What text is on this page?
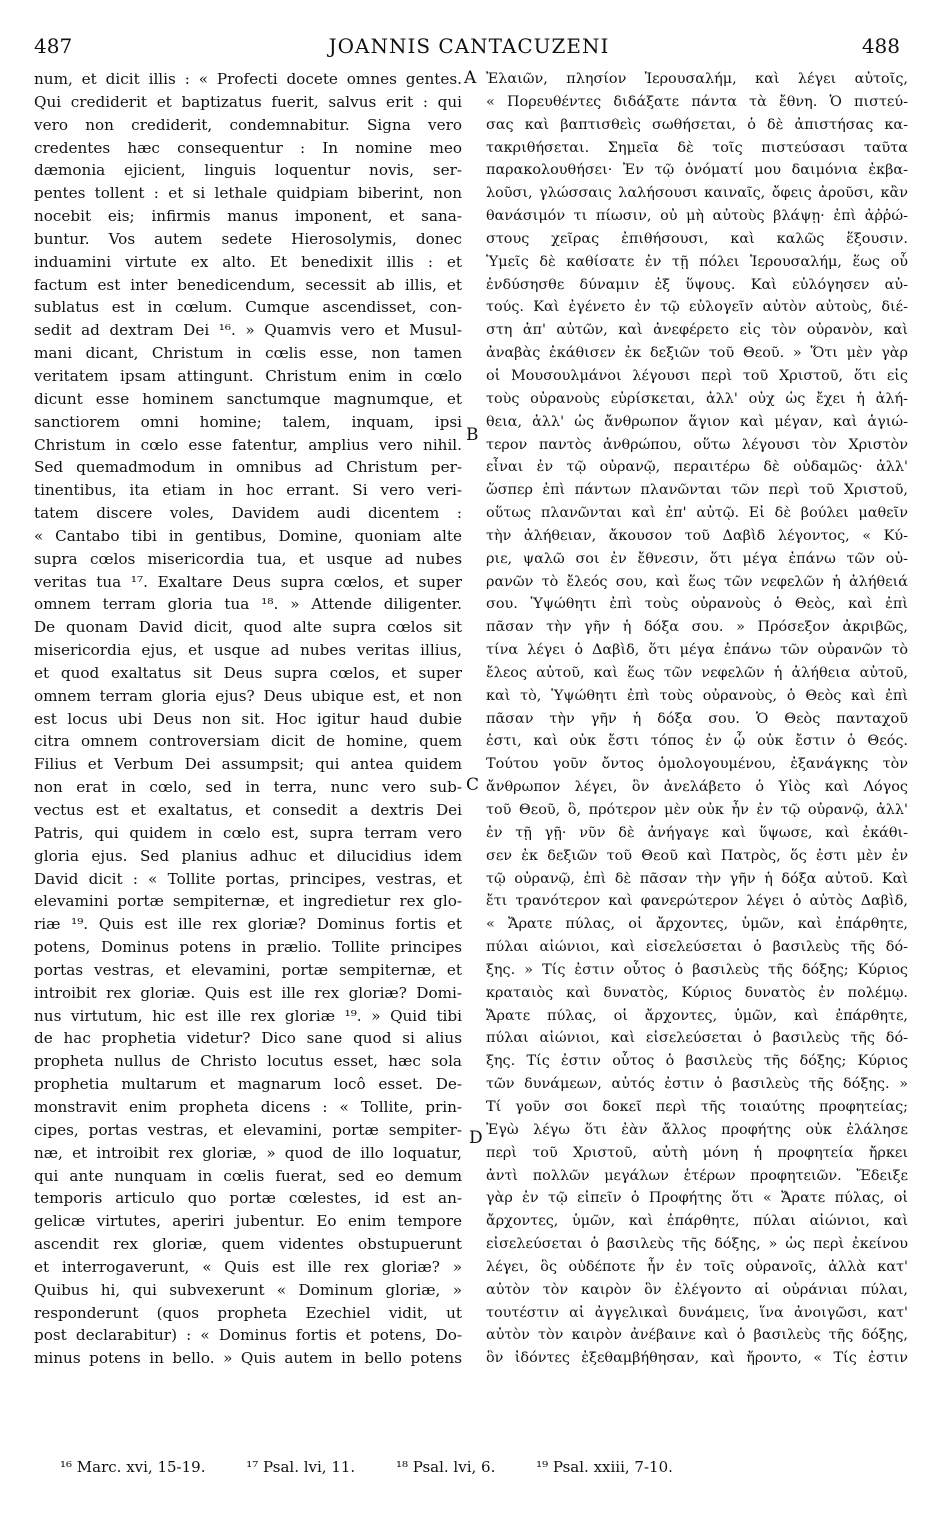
487	JOANNIS CANTACUZENI	488
num, et dicit illis : « Profecti docete omnes gentes.
Qui crediderit et baptizatus fuerit, salvus erit : qui
vero non crediderit, condemnabitur. Signa vero
credentes hæc consequentur : In nomine meo
dæmonia ejicient, linguis loquentur novis, ser-
pentes tollent : et si lethale quidpiam biberint, non
nocebit eis; infirmis manus imponent, et sana-
buntur. Vos autem sedete Hierosolymis, donec
induamini virtute ex alto. Et benedixit illis : et
factum est inter benedicendum, secessit ab illis, et
sublatus est in cœlum. Cumque ascendisset, con-
sedit ad dextram Dei ¹⁶. » Quamvis vero et Musul-
mani dicant, Christum in cœlis esse, non tamen
veritatem ipsam attingunt. Christum enim in cœlo
dicunt esse hominem sanctumque magnumque, et
sanctiorem omni homine; talem, inquam, ipsi
Christum in cœlo esse fatentur, amplius vero nihil.
Sed quemadmodum in omnibus ad Christum per-
tinentibus, ita etiam in hoc errant. Si vero veri-
tatem discere voles, Davidem audi dicentem :
« Cantabo tibi in gentibus, Domine, quoniam alte
supra cœlos misericordia tua, et usque ad nubes
veritas tua ¹⁷. Exaltare Deus supra cœlos, et super
omnem terram gloria tua ¹⁸. » Attende diligenter.
De quonam David dicit, quod alte supra cœlos sit
misericordia ejus, et usque ad nubes veritas illius,
et quod exaltatus sit Deus supra cœlos, et super
omnem terram gloria ejus? Deus ubique est, et non
est locus ubi Deus non sit. Hoc igitur haud dubie
citra omnem controversiam dicit de homine, quem
Filius et Verbum Dei assumpsit; qui antea quidem
non erat in cœlo, sed in terra, nunc vero sub-
vectus est et exaltatus, et consedit a dextris Dei
Patris, qui quidem in cœlo est, supra terram vero
gloria ejus. Sed planius adhuc et dilucidius idem
David dicit : « Tollite portas, principes, vestras, et
elevamini portæ sempiternæ, et ingredietur rex glo-
riæ ¹⁹. Quis est ille rex gloriæ? Dominus fortis et
potens, Dominus potens in prælio. Tollite principes
portas vestras, et elevamini, portæ sempiternæ, et
introibit rex gloriæ. Quis est ille rex gloriæ? Domi-
nus virtutum, hic est ille rex gloriæ ¹⁹. » Quid tibi
de hac prophetia videtur? Dico sane quod si alius
propheta nullus de Christo locutus esset, hæc sola
prophetia multarum et magnarum locô esset. De-
monstravit enim propheta dicens : « Tollite, prin-
cipes, portas vestras, et elevamini, portæ sempiter-
næ, et introibit rex gloriæ, » quod de illo loquatur,
qui ante nunquam in cœlis fuerat, sed eo demum
temporis articulo quo portæ cœlestes, id est an-
gelicæ virtutes, aperiri jubentur. Eo enim tempore
ascendit rex gloriæ, quem videntes obstupuerunt
et interrogaverunt, « Quis est ille rex gloriæ? »
Quibus hi, qui subvexerunt « Dominum gloriæ, »
responderunt (quos propheta Ezechiel vidit, ut
post declarabitur) : « Dominus fortis et potens, Do-
minus potens in bello. » Quis autem in bello potens
Ἐλαιῶν, πλησίον Ἱερουσαλήμ, καὶ λέγει αὐτοῖς,
« Πορευθέντες διδάξατε πάντα τὰ ἔθνη. Ὁ πιστεύ-
σας καὶ βαπτισθεὶς σωθήσεται, ὁ δὲ ἀπιστήσας κα-
τακριθήσεται. Σημεῖα δὲ τοῖς πιστεύσασι ταῦτα
παρακολουθήσει· Ἐν τῷ ὀνόματί μου δαιμόνια ἐκβα-
λοῦσι, γλώσσαις λαλήσουσι καιναῖς, ὄφεις ἀροῦσι, κἂν
θανάσιμόν τι πίωσιν, οὐ μὴ αὐτοὺς βλάψῃ· ἐπὶ ἀῤῥώ-
στους χεῖρας ἐπιθήσουσι, καὶ καλῶς ἕξουσιν.
Ὑμεῖς δὲ καθίσατε ἐν τῇ πόλει Ἱερουσαλήμ, ἕως οὗ
ἐνδύσησθε δύναμιν ἐξ ὕψους. Καὶ εὐλόγησεν αὐ-
τούς. Καὶ ἐγένετο ἐν τῷ εὐλογεῖν αὐτὸν αὐτοὺς, διέ-
στη ἀπ' αὐτῶν, καὶ ἀνεφέρετο εἰς τὸν οὐρανὸν, καὶ
ἀναβὰς ἐκάθισεν ἐκ δεξιῶν τοῦ Θεοῦ. » Ὅτι μὲν γὰρ
οἱ Μουσουλμάνοι λέγουσι περὶ τοῦ Χριστοῦ, ὅτι εἰς
τοὺς οὐρανοὺς εὑρίσκεται, ἀλλ' οὐχ ὡς ἔχει ἡ ἀλή-
θεια, ἀλλ' ὡς ἄνθρωπον ἅγιον καὶ μέγαν, καὶ ἁγιώ-
τερον παντὸς ἀνθρώπου, οὕτω λέγουσι τὸν Χριστὸν
εἶναι ἐν τῷ οὐρανῷ, περαιτέρω δὲ οὐδαμῶς· ἀλλ'
ὥσπερ ἐπὶ πάντων πλανῶνται τῶν περὶ τοῦ Χριστοῦ,
οὕτως πλανῶνται καὶ ἐπ' αὐτῷ. Εἰ δὲ βούλει μαθεῖν
τὴν ἀλήθειαν, ἄκουσον τοῦ Δαβὶδ λέγοντος, « Κύ-
ριε, ψαλῶ σοι ἐν ἔθνεσιν, ὅτι μέγα ἐπάνω τῶν οὐ-
ρανῶν τὸ ἔλεός σου, καὶ ἕως τῶν νεφελῶν ἡ ἀλήθειά
σου. Ὑψώθητι ἐπὶ τοὺς οὐρανοὺς ὁ Θεὸς, καὶ ἐπὶ
πᾶσαν τὴν γῆν ἡ δόξα σου. » Πρόσεξον ἀκριβῶς,
τίνα λέγει ὁ Δαβὶδ, ὅτι μέγα ἐπάνω τῶν οὐρανῶν τὸ
ἔλεος αὐτοῦ, καὶ ἕως τῶν νεφελῶν ἡ ἀλήθεια αὐτοῦ,
καὶ τὸ, Ὑψώθητι ἐπὶ τοὺς οὐρανοὺς, ὁ Θεὸς καὶ ἐπὶ
πᾶσαν τὴν γῆν ἡ δόξα σου. Ὁ Θεὸς πανταχοῦ
ἐστι, καὶ οὐκ ἔστι τόπος ἐν ᾧ οὐκ ἔστιν ὁ Θεός.
Τούτου γοῦν ὄντος ὁμολογουμένου, ἐξανάγκης τὸν
ἄνθρωπον λέγει, ὃν ἀνελάβετο ὁ Υἱὸς καὶ Λόγος
τοῦ Θεοῦ, ὃ, πρότερον μὲν οὐκ ἦν ἐν τῷ οὐρανῷ, ἀλλ'
ἐν τῇ γῇ· νῦν δὲ ἀνήγαγε καὶ ὕψωσε, καὶ ἐκάθι-
σεν ἐκ δεξιῶν τοῦ Θεοῦ καὶ Πατρὸς, ὅς ἐστι μὲν ἐν
τῷ οὐρανῷ, ἐπὶ δὲ πᾶσαν τὴν γῆν ἡ δόξα αὐτοῦ. Καὶ
ἔτι τρανότερον καὶ φανερώτερον λέγει ὁ αὐτὸς Δαβὶδ,
« Ἄρατε πύλας, οἱ ἄρχοντες, ὑμῶν, καὶ ἐπάρθητε,
πύλαι αἰώνιοι, καὶ εἰσελεύσεται ὁ βασιλεὺς τῆς δό-
ξης. » Τίς ἐστιν οὗτος ὁ βασιλεὺς τῆς δόξης; Κύριος
κραταιὸς καὶ δυνατὸς, Κύριος δυνατὸς ἐν πολέμῳ.
Ἄρατε πύλας, οἱ ἄρχοντες, ὑμῶν, καὶ ἐπάρθητε,
πύλαι αἰώνιοι, καὶ εἰσελεύσεται ὁ βασιλεὺς τῆς δό-
ξης. Τίς ἐστιν οὗτος ὁ βασιλεὺς τῆς δόξης; Κύριος
τῶν δυνάμεων, αὐτός ἐστιν ὁ βασιλεὺς τῆς δόξης. »
Τί γοῦν σοι δοκεῖ περὶ τῆς τοιαύτης προφητείας;
Ἐγὼ λέγω ὅτι ἐὰν ἄλλος προφήτης οὐκ ἐλάλησε
περὶ τοῦ Χριστοῦ, αὐτὴ μόνη ἡ προφητεία ἤρκει
ἀντὶ πολλῶν μεγάλων ἑτέρων προφητειῶν. Ἔδειξε
γὰρ ἐν τῷ εἰπεῖν ὁ Προφήτης ὅτι « Ἄρατε πύλας, οἱ
ἄρχοντες, ὑμῶν, καὶ ἐπάρθητε, πύλαι αἰώνιοι, καὶ
εἰσελεύσεται ὁ βασιλεὺς τῆς δόξης, » ὡς περὶ ἐκείνου
λέγει, ὃς οὐδέποτε ἦν ἐν τοῖς οὐρανοῖς, ἀλλὰ κατ'
αὐτὸν τὸν καιρὸν ὃν ἐλέγοντο αἱ οὐράνιαι πύλαι,
τουτέστιν αἱ ἀγγελικαὶ δυνάμεις, ἵνα ἀνοιγῶσι, κατ'
αὐτὸν τὸν καιρὸν ἀνέβαινε καὶ ὁ βασιλεὺς τῆς δόξης,
ὃν ἰδόντες ἐξεθαμβήθησαν, καὶ ἤροντο, « Τίς ἐστιν
A
B
C
D
¹⁶ Marc. xvi, 15-19.	¹⁷ Psal. lvi, 11.	¹⁸ Psal. lvi, 6.	¹⁹ Psal. xxiii, 7-10.
